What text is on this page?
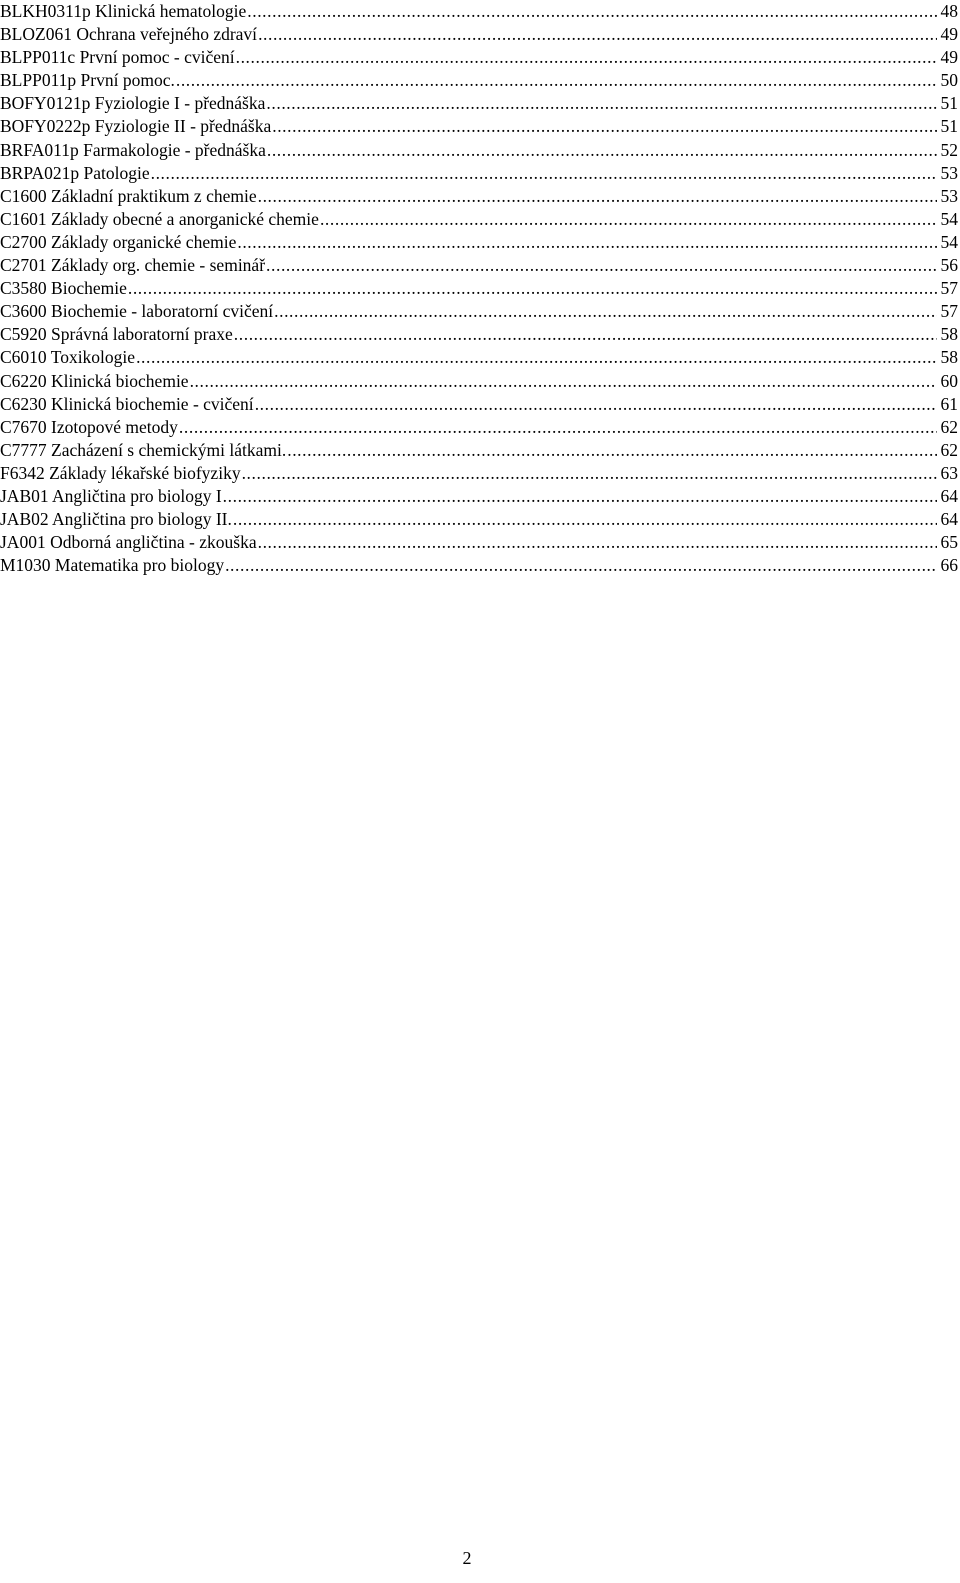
BLKH0311p Klinická hematologie .....	48
BLOZ061 Ochrana veřejného zdraví .....	49
BLPP011c První pomoc - cvičení .....	49
BLPP011p První pomoc. .....	50
BOFY0121p Fyziologie I - přednáška .....	51
BOFY0222p Fyziologie II - přednáška .....	51
BRFA011p Farmakologie - přednáška .....	52
BRPA021p Patologie .....	53
C1600 Základní praktikum z chemie .....	53
C1601 Základy obecné a anorganické chemie .....	54
C2700 Základy organické chemie .....	54
C2701 Základy org. chemie - seminář .....	56
C3580 Biochemie .....	57
C3600 Biochemie - laboratorní cvičení .....	57
C5920 Správná laboratorní praxe .....	58
C6010 Toxikologie .....	58
C6220 Klinická biochemie .....	60
C6230 Klinická biochemie - cvičení .....	61
C7670 Izotopové metody .....	62
C7777 Zacházení s chemickými látkami. .....	62
F6342 Základy lékařské biofyziky .....	63
JAB01 Angličtina pro biology I .....	64
JAB02 Angličtina pro biology II. .....	64
JA001 Odborná angličtina - zkouška .....	65
M1030 Matematika pro biology .....	66
2
